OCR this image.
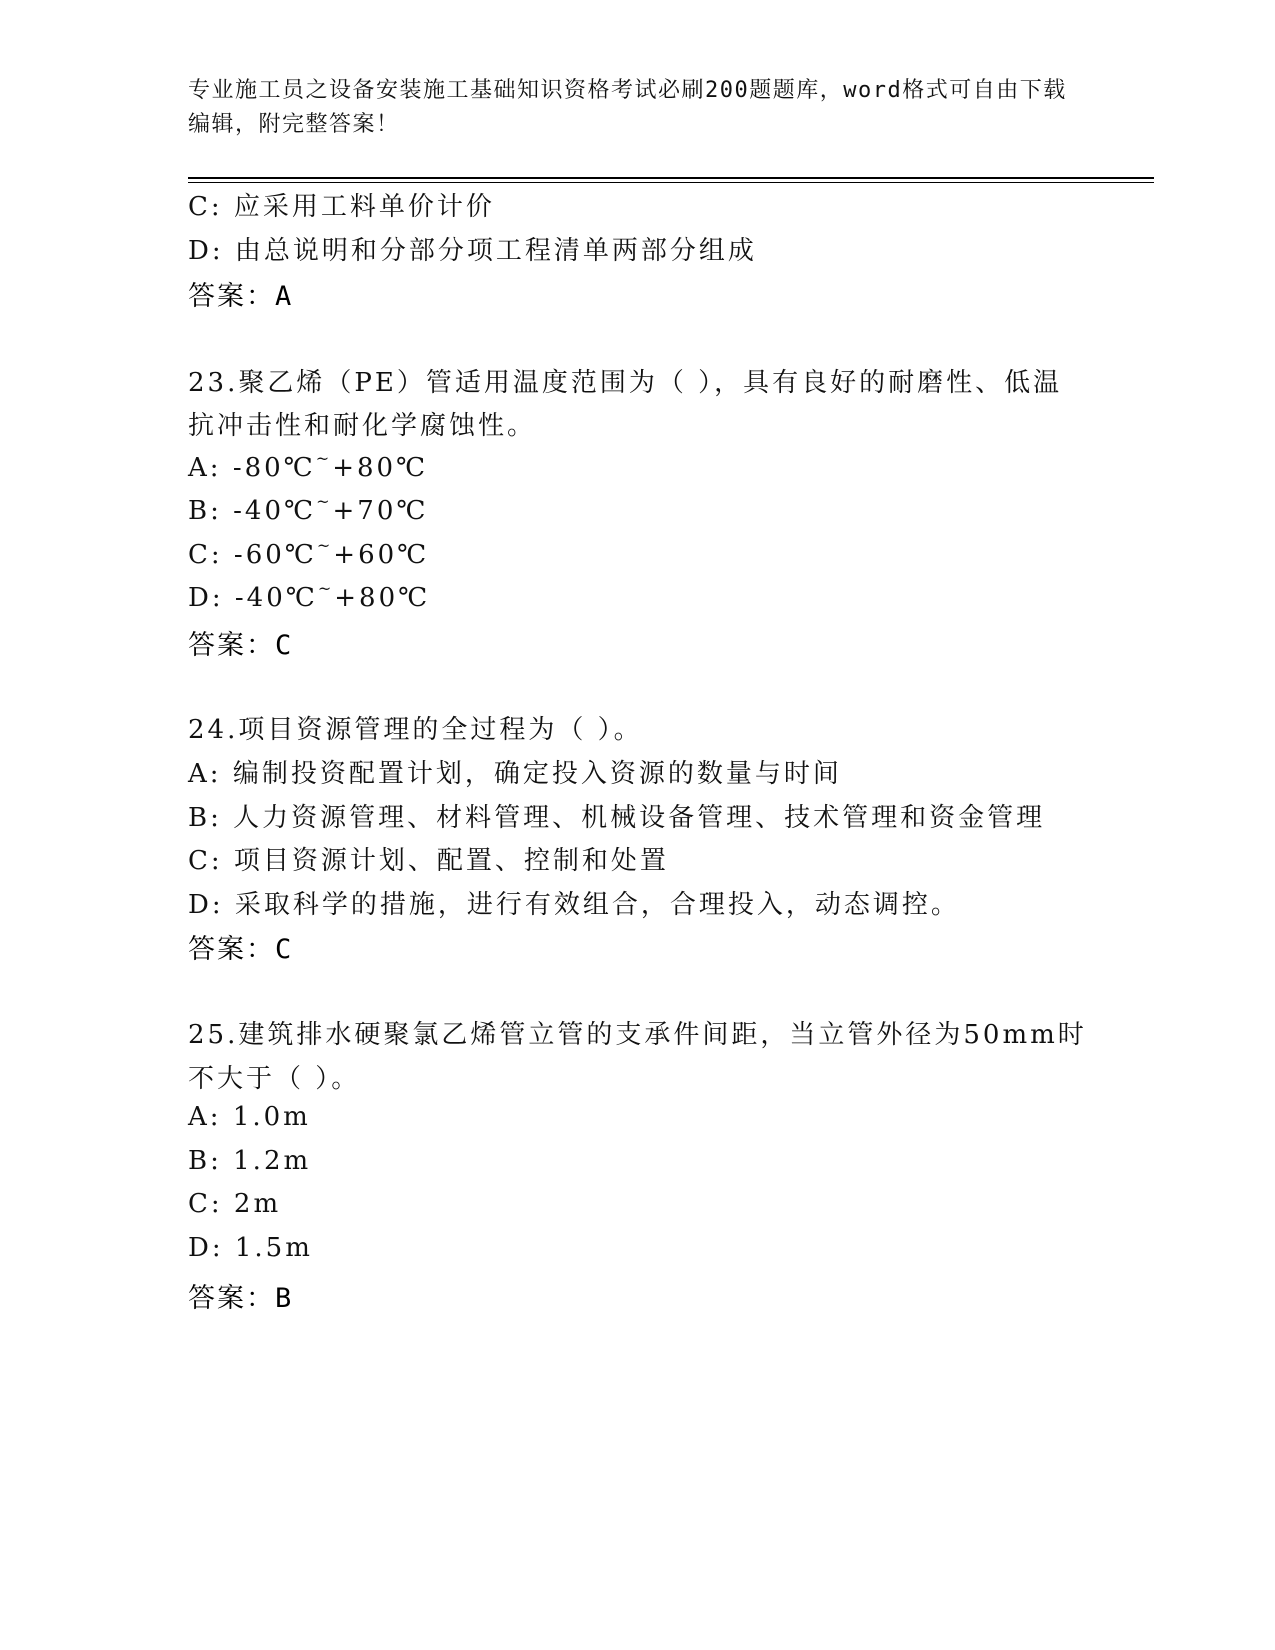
专业施工员之设备安装施工基础知识资格考试必刷200题题库，word格式可自由下载编辑，附完整答案！
C: 应采用工料单价计价
D: 由总说明和分部分项工程清单两部分组成
答案：A
23.聚乙烯（PE）管适用温度范围为（ ），具有良好的耐磨性、低温
抗冲击性和耐化学腐蚀性。
A: -80℃~+80℃
B: -40℃~+70℃
C: -60℃~+60℃
D: -40℃~+80℃
答案：C
24.项目资源管理的全过程为（ ）。
A: 编制投资配置计划，确定投入资源的数量与时间
B: 人力资源管理、材料管理、机械设备管理、技术管理和资金管理
C: 项目资源计划、配置、控制和处置
D: 采取科学的措施，进行有效组合，合理投入，动态调控。
答案：C
25.建筑排水硬聚氯乙烯管立管的支承件间距，当立管外径为50mm时
不大于（ ）。
A: 1.0m
B: 1.2m
C: 2m
D: 1.5m
答案：B
